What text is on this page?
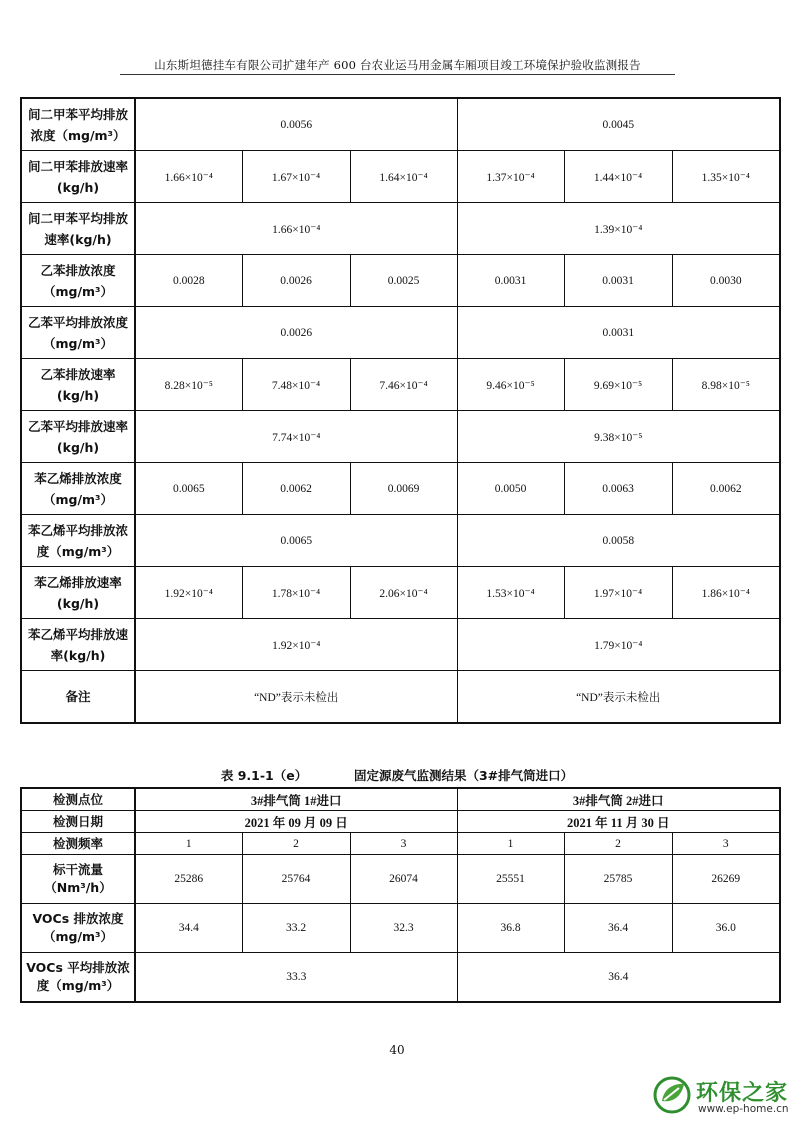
山东斯坦德挂车有限公司扩建年产 600 台农业运马用金属车厢项目竣工环境保护验收监测报告
间二甲苯平均排放浓度（mg/m³）	0.0056			0.0045		
间二甲苯排放速率(kg/h)	1.66×10⁻⁴	1.67×10⁻⁴	1.64×10⁻⁴	1.37×10⁻⁴	1.44×10⁻⁴	1.35×10⁻⁴
间二甲苯平均排放速率(kg/h)	1.66×10⁻⁴			1.39×10⁻⁴		
乙苯排放浓度（mg/m³）	0.0028	0.0026	0.0025	0.0031	0.0031	0.0030
乙苯平均排放浓度（mg/m³）	0.0026			0.0031		
乙苯排放速率(kg/h)	8.28×10⁻⁵	7.48×10⁻⁴	7.46×10⁻⁴	9.46×10⁻⁵	9.69×10⁻⁵	8.98×10⁻⁵
乙苯平均排放速率(kg/h)	7.74×10⁻⁴			9.38×10⁻⁵		
苯乙烯排放浓度（mg/m³）	0.0065	0.0062	0.0069	0.0050	0.0063	0.0062
苯乙烯平均排放浓度（mg/m³）	0.0065			0.0058		
苯乙烯排放速率(kg/h)	1.92×10⁻⁴	1.78×10⁻⁴	2.06×10⁻⁴	1.53×10⁻⁴	1.97×10⁻⁴	1.86×10⁻⁴
苯乙烯平均排放速率(kg/h)	1.92×10⁻⁴			1.79×10⁻⁴		
备注	“ND”表示未检出			“ND”表示未检出		
表 9.1-1（e）	固定源废气监测结果（3#排气筒进口）
检测点位	3#排气筒 1#进口			3#排气筒 2#进口		
检测日期	2021 年 09 月 09 日			2021 年 11 月 30 日		
检测频率	1	2	3	1	2	3
标干流量（Nm³/h）	25286	25764	26074	25551	25785	26269
VOCs 排放浓度（mg/m³）	34.4	33.2	32.3	36.8	36.4	36.0
VOCs 平均排放浓度（mg/m³）	33.3			36.4		
40
环保之家
www.ep-home.cn
